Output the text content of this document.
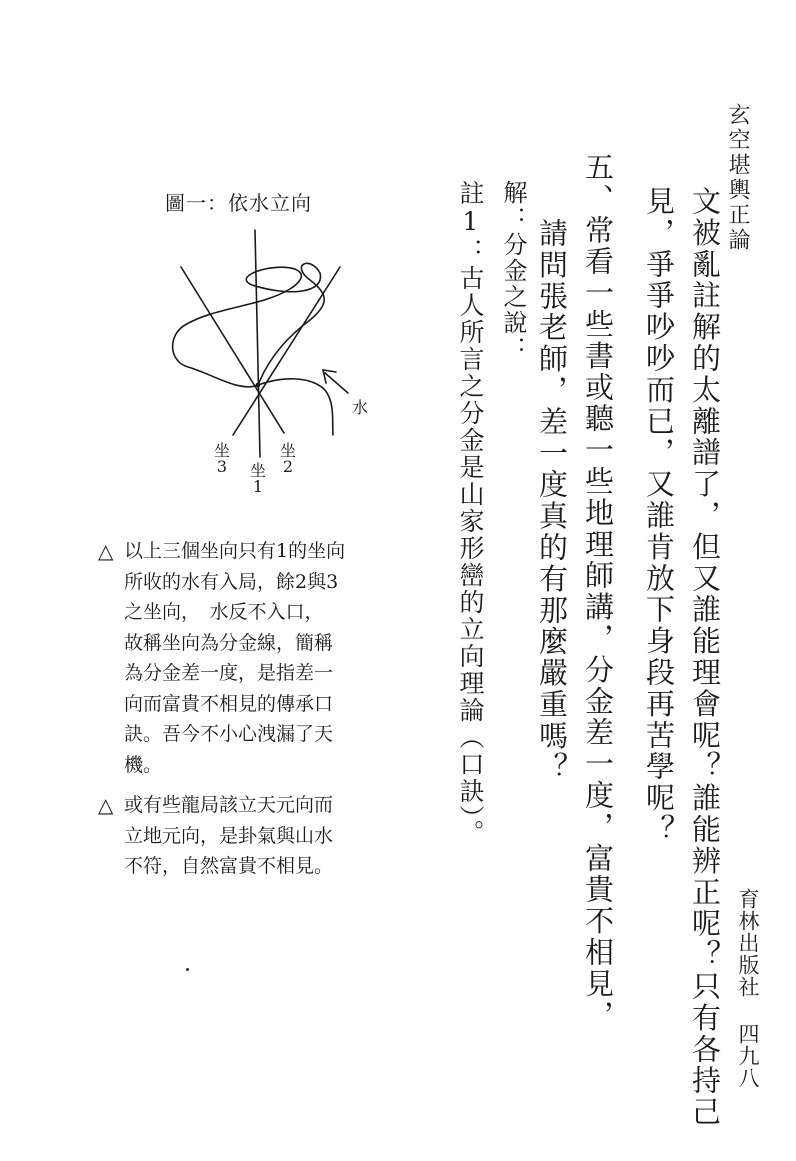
玄空堪輿正論

文被亂註解的太離譜了，但又誰能理會呢？誰能辨正呢？只有各持己

見，爭爭吵吵而已，又誰肯放下身段再苦學呢？

五、常看一些書或聽一些地理師講，分金差一度，富貴不相見，

請問張老師，差一度真的有那麼嚴重嗎？

解：分金之說：

註1：古人所言之分金是山家形巒的立向理論（口訣）。

圖一：依水立向

水
坐
3	坐
1
坐
2
△ 以上三個坐向只有1的坐向
所收的水有入局，餘2與3
之坐向，　水反不入口，
故稱坐向為分金線，簡稱
為分金差一度，是指差一
向而富貴不相見的傳承口
訣。吾今不小心洩漏了天
機。
△ 或有些龍局該立天元向而
立地元向，是卦氣與山水
不符，自然富貴不相見。

育林出版社 四九八
